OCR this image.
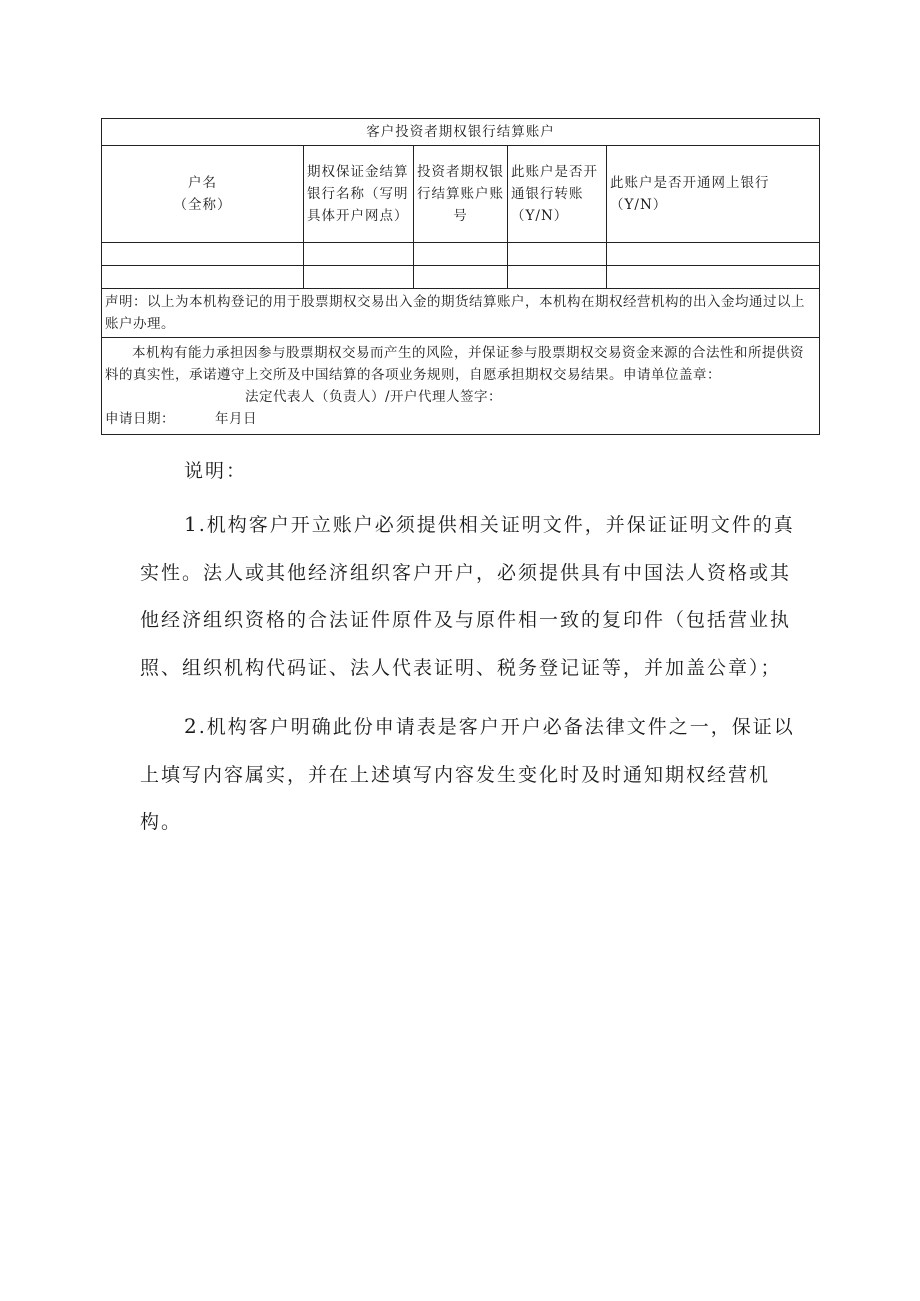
客户投资者期权银行结算账户				
户名
（全称）	期权保证金结算银行名称（写明具体开户网点）	投资者期权银行结算账户账号	此账户是否开通银行转账（Y/N）	此账户是否开通网上银行（Y/N）

声明：以上为本机构登记的用于股票期权交易出入金的期货结算账户，本机构在期权经营机构的出入金均通过以上账户办理。				

本机构有能力承担因参与股票期权交易而产生的风险，并保证参与股票期权交易资金来源的合法性和所提供资料的真实性，承诺遵守上交所及中国结算的各项业务规则，自愿承担期权交易结果。申请单位盖章：法定代表人（负责人）/开户代理人签字：
申请日期： 年月日				
说明：

1.机构客户开立账户必须提供相关证明文件，并保证证明文件的真实性。法人或其他经济组织客户开户，必须提供具有中国法人资格或其他经济组织资格的合法证件原件及与原件相一致的复印件（包括营业执照、组织机构代码证、法人代表证明、税务登记证等，并加盖公章）；

2.机构客户明确此份申请表是客户开户必备法律文件之一，保证以上填写内容属实，并在上述填写内容发生变化时及时通知期权经营机构。
